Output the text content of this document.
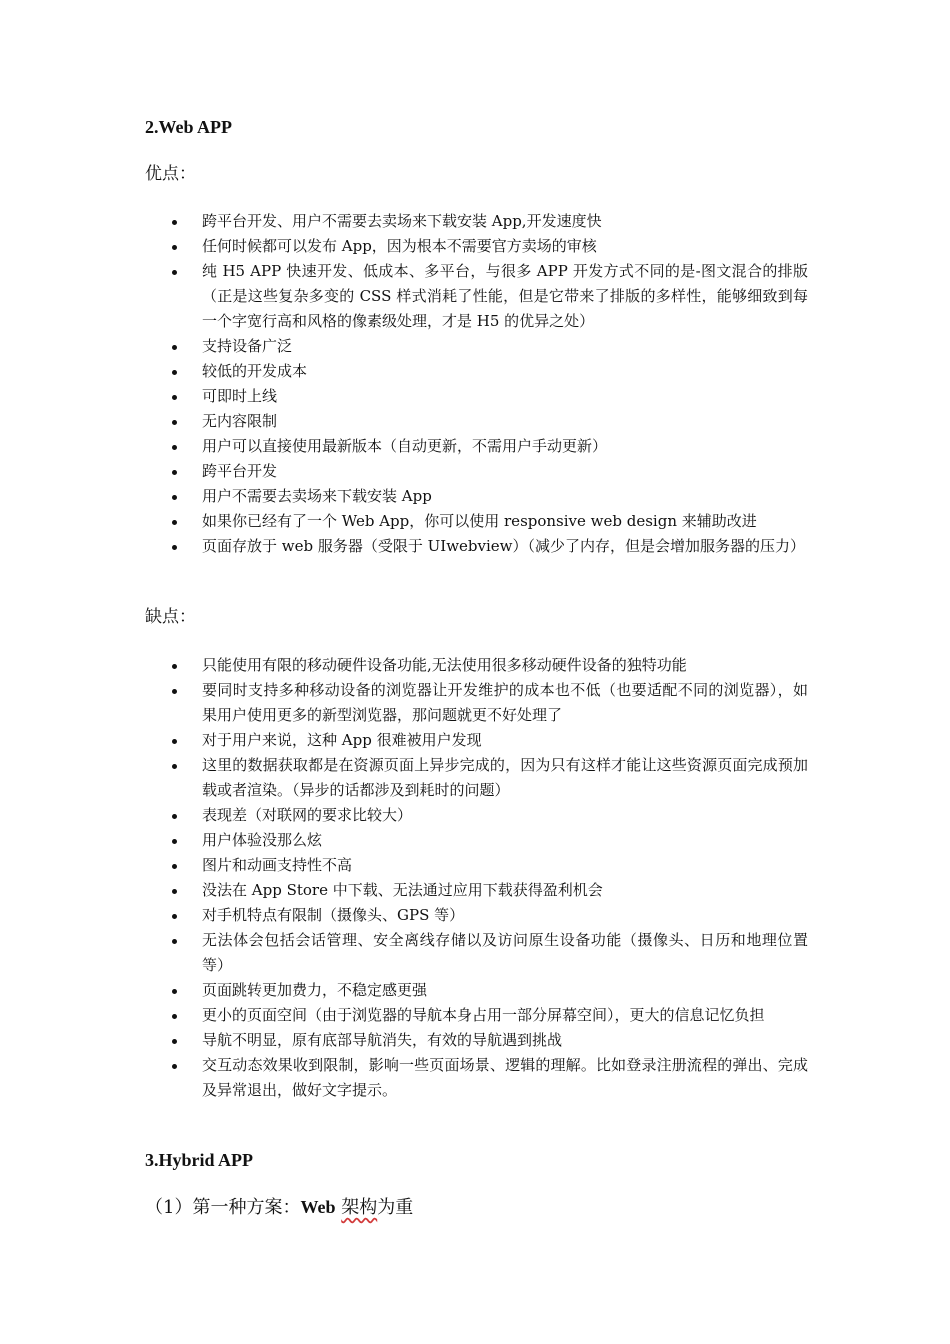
2.Web APP
优点：
跨平台开发、用户不需要去卖场来下载安装 App,开发速度快
任何时候都可以发布 App，因为根本不需要官方卖场的审核
纯 H5 APP 快速开发、低成本、多平台，与很多 APP 开发方式不同的是-图文混合的排版（正是这些复杂多变的 CSS 样式消耗了性能，但是它带来了排版的多样性，能够细致到每一个字宽行高和风格的像素级处理，才是 H5 的优异之处）
支持设备广泛
较低的开发成本
可即时上线
无内容限制
用户可以直接使用最新版本（自动更新，不需用户手动更新）
跨平台开发
用户不需要去卖场来下载安装 App
如果你已经有了一个 Web App，你可以使用 responsive web design 来辅助改进
页面存放于 web 服务器（受限于 UIwebview）（减少了内存，但是会增加服务器的压力）
缺点：
只能使用有限的移动硬件设备功能,无法使用很多移动硬件设备的独特功能
要同时支持多种移动设备的浏览器让开发维护的成本也不低（也要适配不同的浏览器），如果用户使用更多的新型浏览器，那问题就更不好处理了
对于用户来说，这种 App 很难被用户发现
这里的数据获取都是在资源页面上异步完成的，因为只有这样才能让这些资源页面完成预加载或者渲染。（异步的话都涉及到耗时的问题）
表现差（对联网的要求比较大）
用户体验没那么炫
图片和动画支持性不高
没法在 App Store 中下载、无法通过应用下载获得盈利机会
对手机特点有限制（摄像头、GPS 等）
无法体会包括会话管理、安全离线存储以及访问原生设备功能（摄像头、日历和地理位置等）
页面跳转更加费力，不稳定感更强
更小的页面空间（由于浏览器的导航本身占用一部分屏幕空间），更大的信息记忆负担
导航不明显，原有底部导航消失，有效的导航遇到挑战
交互动态效果收到限制，影响一些页面场景、逻辑的理解。比如登录注册流程的弹出、完成及异常退出，做好文字提示。
3.Hybrid APP
（1）第一种方案：Web 架构为重
